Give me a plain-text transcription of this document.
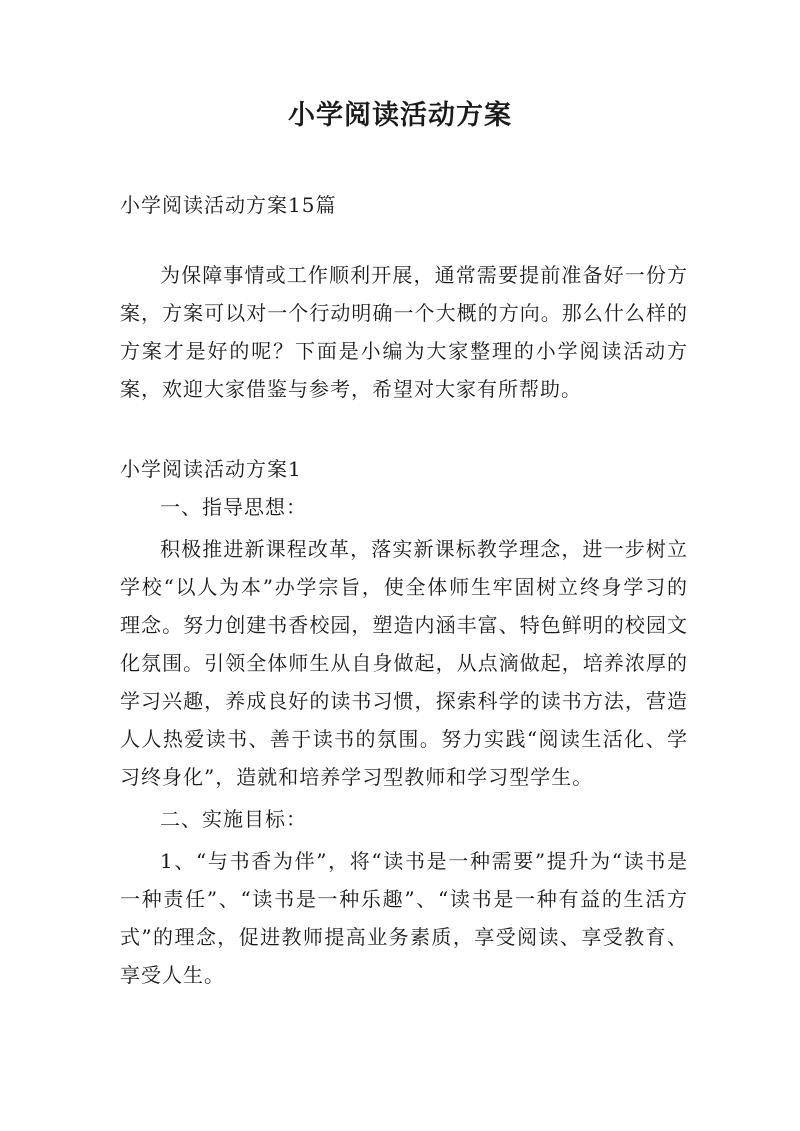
小学阅读活动方案
小学阅读活动方案15篇
为保障事情或工作顺利开展，通常需要提前准备好一份方案，方案可以对一个行动明确一个大概的方向。那么什么样的方案才是好的呢？下面是小编为大家整理的小学阅读活动方案，欢迎大家借鉴与参考，希望对大家有所帮助。
小学阅读活动方案1

一、指导思想：

积极推进新课程改革，落实新课标教学理念，进一步树立学校“以人为本”办学宗旨，使全体师生牢固树立终身学习的理念。努力创建书香校园，塑造内涵丰富、特色鲜明的校园文化氛围。引领全体师生从自身做起，从点滴做起，培养浓厚的学习兴趣，养成良好的读书习惯，探索科学的读书方法，营造人人热爱读书、善于读书的氛围。努力实践“阅读生活化、学习终身化”，造就和培养学习型教师和学习型学生。

二、实施目标：

1、“与书香为伴”，将“读书是一种需要”提升为“读书是一种责任”、“读书是一种乐趣”、“读书是一种有益的生活方式”的理念，促进教师提高业务素质，享受阅读、享受教育、享受人生。
